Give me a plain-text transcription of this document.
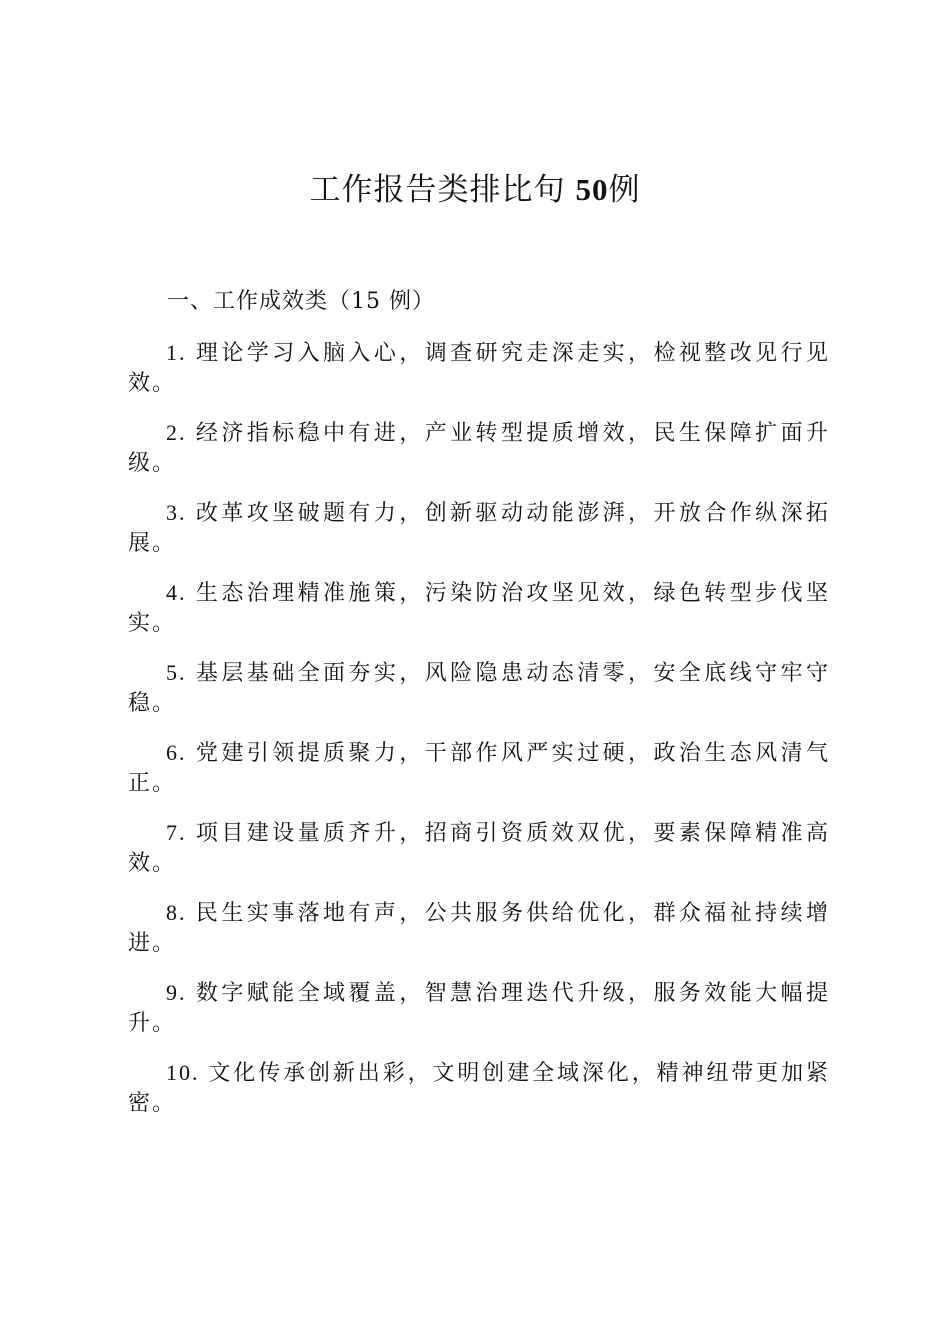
工作报告类排比句 50例
一、工作成效类（15 例）
1. 理论学习入脑入心，调查研究走深走实，检视整改见行见效。
2. 经济指标稳中有进，产业转型提质增效，民生保障扩面升级。
3. 改革攻坚破题有力，创新驱动动能澎湃，开放合作纵深拓展。
4. 生态治理精准施策，污染防治攻坚见效，绿色转型步伐坚实。
5. 基层基础全面夯实，风险隐患动态清零，安全底线守牢守稳。
6. 党建引领提质聚力，干部作风严实过硬，政治生态风清气正。
7. 项目建设量质齐升，招商引资质效双优，要素保障精准高效。
8. 民生实事落地有声，公共服务供给优化，群众福祉持续增进。
9. 数字赋能全域覆盖，智慧治理迭代升级，服务效能大幅提升。
10. 文化传承创新出彩，文明创建全域深化，精神纽带更加紧密。
